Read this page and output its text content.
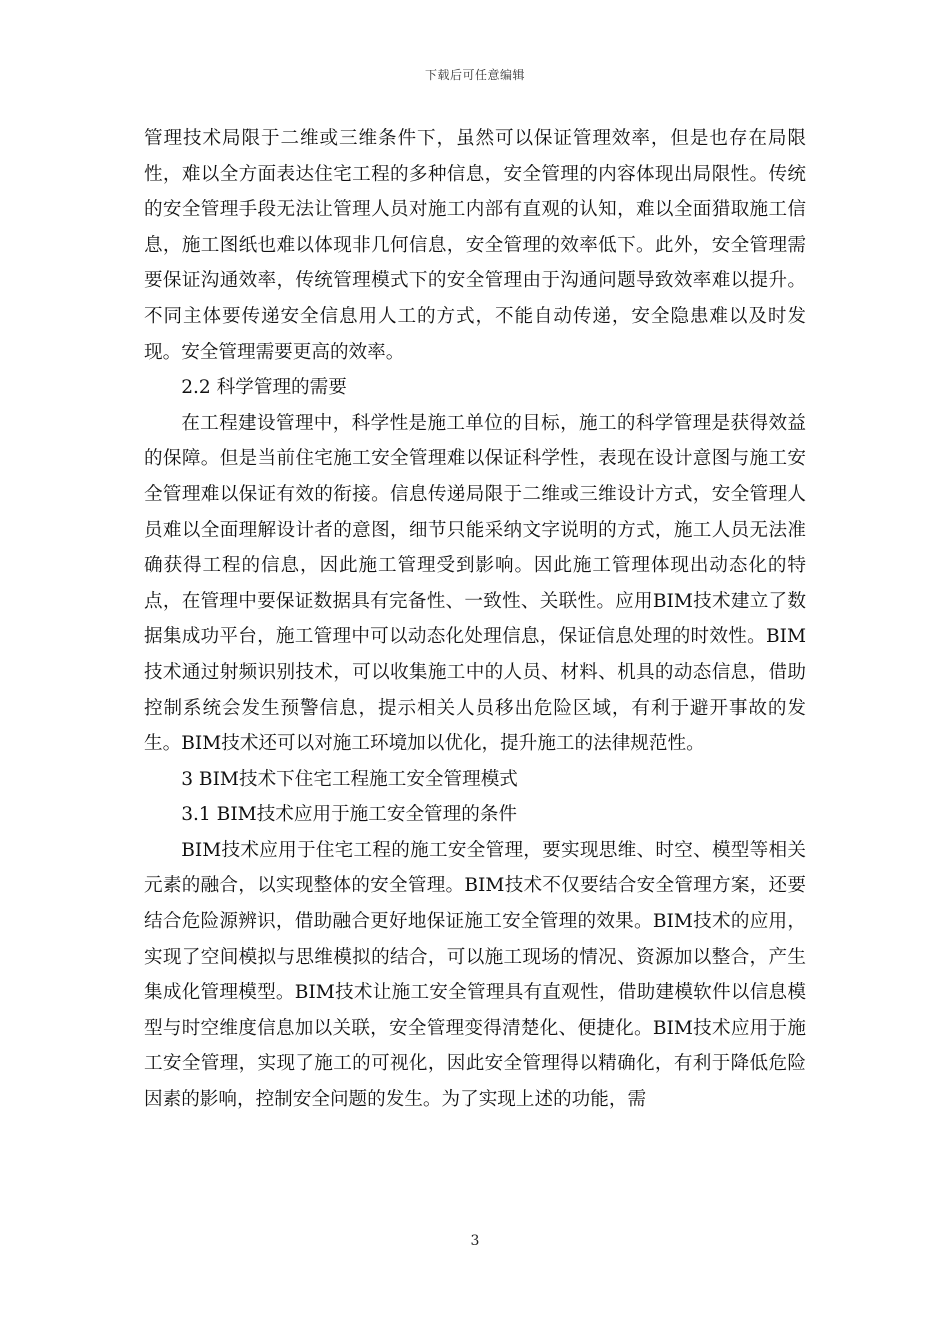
下载后可任意编辑

管理技术局限于二维或三维条件下，虽然可以保证管理效率，但是也存在局限性，难以全方面表达住宅工程的多种信息，安全管理的内容体现出局限性。传统的安全管理手段无法让管理人员对施工内部有直观的认知，难以全面猎取施工信息，施工图纸也难以体现非几何信息，安全管理的效率低下。此外，安全管理需要保证沟通效率，传统管理模式下的安全管理由于沟通问题导致效率难以提升。不同主体要传递安全信息用人工的方式，不能自动传递，安全隐患难以及时发现。安全管理需要更高的效率。

2.2 科学管理的需要

在工程建设管理中，科学性是施工单位的目标，施工的科学管理是获得效益的保障。但是当前住宅施工安全管理难以保证科学性，表现在设计意图与施工安全管理难以保证有效的衔接。信息传递局限于二维或三维设计方式，安全管理人员难以全面理解设计者的意图，细节只能采纳文字说明的方式，施工人员无法准确获得工程的信息，因此施工管理受到影响。因此施工管理体现出动态化的特点，在管理中要保证数据具有完备性、一致性、关联性。应用BIM技术建立了数据集成功平台，施工管理中可以动态化处理信息，保证信息处理的时效性。BIM技术通过射频识别技术，可以收集施工中的人员、材料、机具的动态信息，借助控制系统会发生预警信息，提示相关人员移出危险区域，有利于避开事故的发生。BIM技术还可以对施工环境加以优化，提升施工的法律规范性。

3 BIM技术下住宅工程施工安全管理模式

3.1 BIM技术应用于施工安全管理的条件

BIM技术应用于住宅工程的施工安全管理，要实现思维、时空、模型等相关元素的融合，以实现整体的安全管理。BIM技术不仅要结合安全管理方案，还要结合危险源辨识，借助融合更好地保证施工安全管理的效果。BIM技术的应用，实现了空间模拟与思维模拟的结合，可以施工现场的情况、资源加以整合，产生集成化管理模型。BIM技术让施工安全管理具有直观性，借助建模软件以信息模型与时空维度信息加以关联，安全管理变得清楚化、便捷化。BIM技术应用于施工安全管理，实现了施工的可视化，因此安全管理得以精确化，有利于降低危险因素的影响，控制安全问题的发生。为了实现上述的功能，需

3
